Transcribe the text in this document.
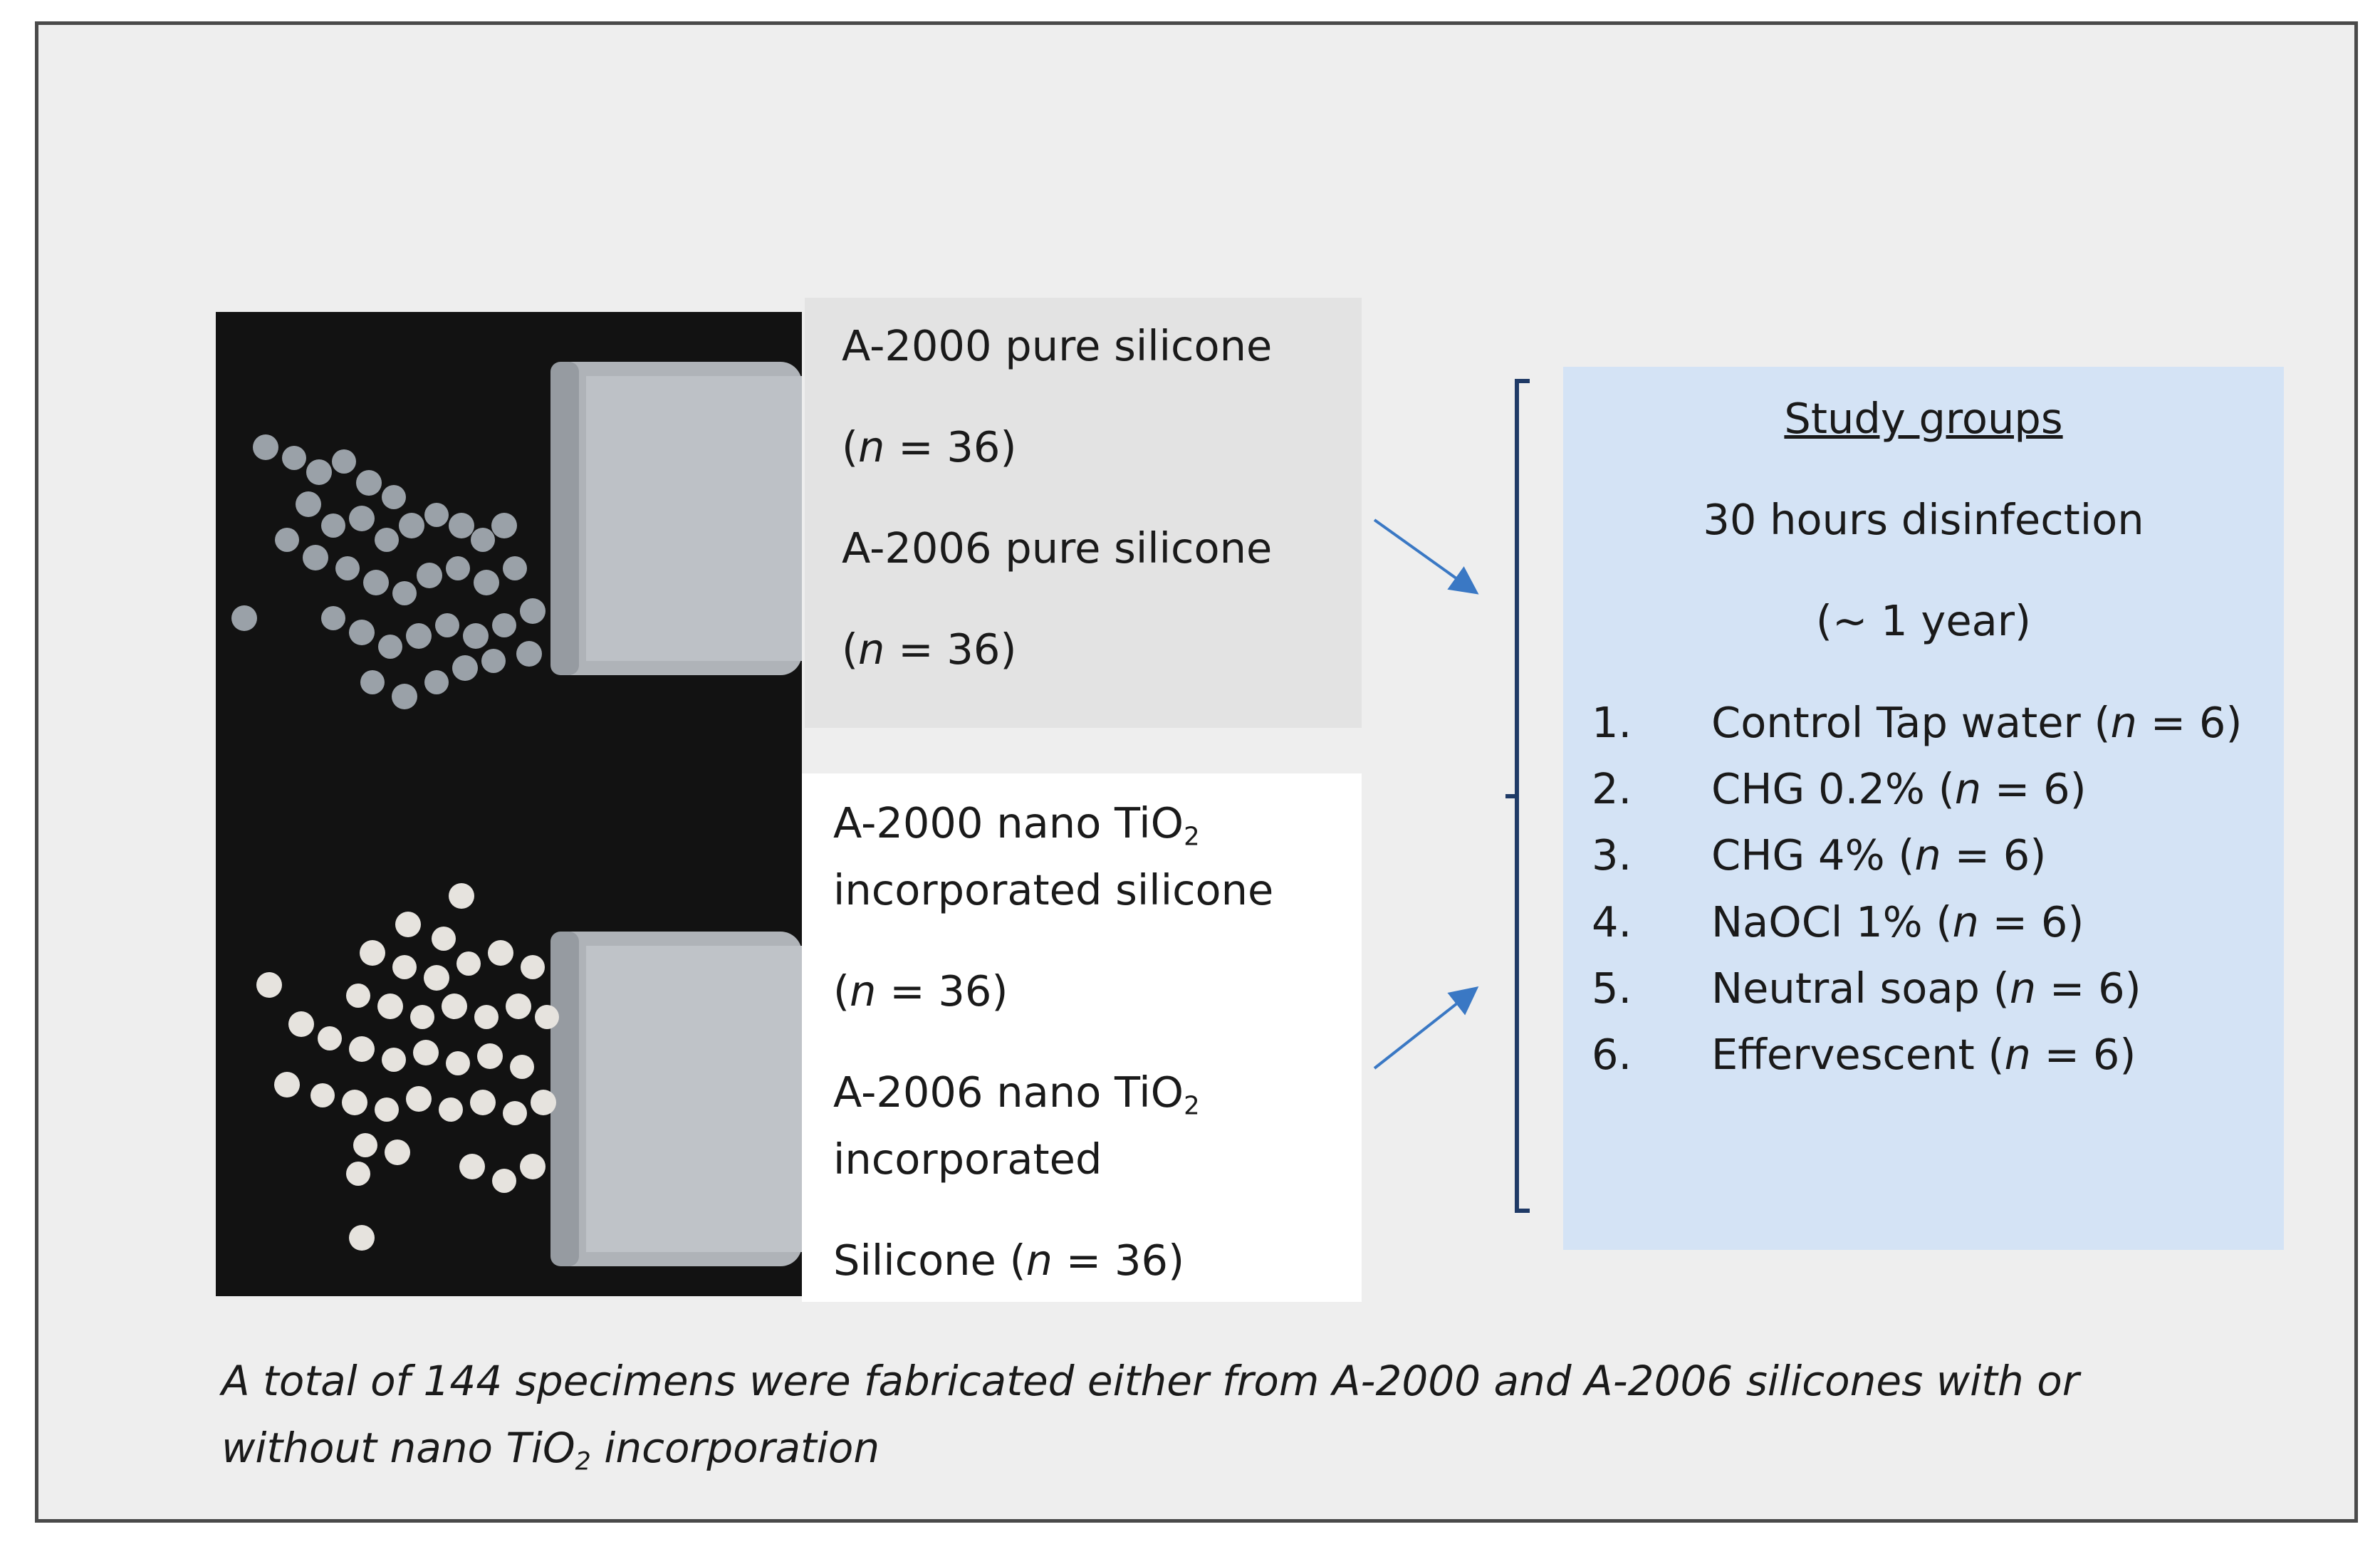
A-2000 pure silicone
(n = 36)
A-2006 pure silicone
(n = 36)
A-2000 nano TiO$_2$
incorporated silicone
(n = 36)
A-2006 nano TiO$_2$
incorporated
Silicone (n = 36)
Study groups
30 hours disinfection
(~ 1 year)
1. Control Tap water (n = 6)
2. CHG 0.2% (n = 6)
3. CHG 4% (n = 6)
4. NaOCl 1% (n = 6)
5. Neutral soap (n = 6)
6. Effervescent (n = 6)
A total of 144 specimens were fabricated either from A-2000 and A-2006 silicones with or
without nano TiO$_2$ incorporation
